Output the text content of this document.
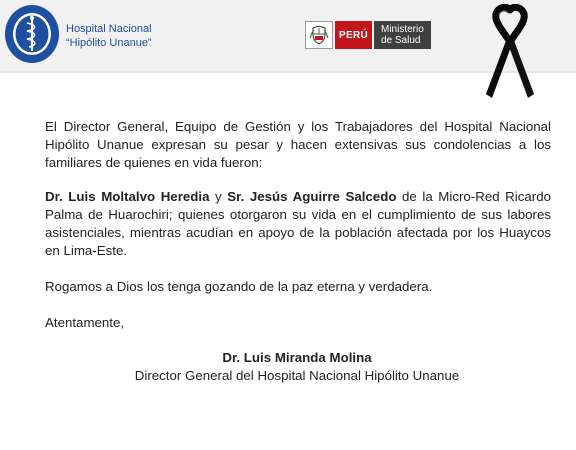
Hospital Nacional
“Hipólito Unanue”
PERÚ	Ministerio
de Salud

El Director General, Equipo de Gestión y los Trabajadores del Hospital Nacional Hipólito Unanue expresan su pesar y hacen extensivas sus condolencias a los familiares de quienes en vida fueron:

Dr. Luis Moltalvo Heredia y Sr. Jesús Aguirre Salcedo de la Micro-Red Ricardo Palma de Huarochiri; quienes otorgaron su vida en el cumplimiento de sus labores asistenciales, mientras acudían en apoyo de la población afectada por los Huaycos en Lima-Este.

Rogamos a Dios los tenga gozando de la paz eterna y verdadera.

Atentamente,

Dr. Luis Miranda Molina
Director General del Hospital Nacional Hipólito Unanue
